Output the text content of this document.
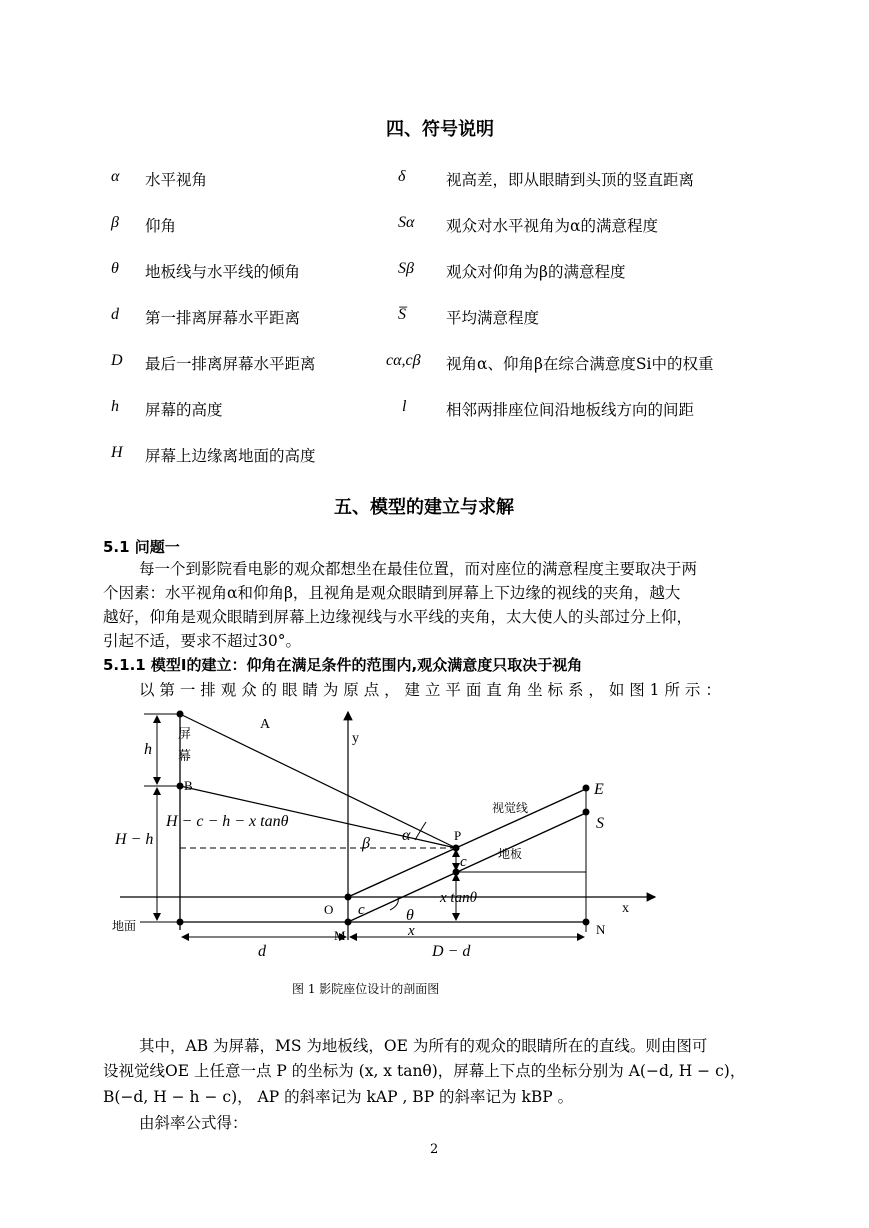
四、符号说明
α 水平视角
β 仰角
θ 地板线与水平线的倾角
d 第一排离屏幕水平距离
D 最后一排离屏幕水平距离
h 屏幕的高度
H 屏幕上边缘离地面的高度
δ	视高差，即从眼睛到头顶的竖直距离
Sα 观众对水平视角为α的满意程度
Sβ 观众对仰角为β的满意程度
S̅	平均满意程度
cα,cβ 视角α、仰角β在综合满意度Si中的权重
l	相邻两排座位间沿地板线方向的间距
五、模型的建立与求解
5.1 问题一
每一个到影院看电影的观众都想坐在最佳位置，而对座位的满意程度主要取决于两
个因素：水平视角α和仰角β，且视角是观众眼睛到屏幕上下边缘的视线的夹角，越大
越好，仰角是观众眼睛到屏幕上边缘视线与水平线的夹角，太大使人的头部过分上仰，
引起不适，要求不超过30°。
5.1.1 模型Ⅰ的建立：仰角在满足条件的范围内,观众满意度只取决于视角
以 第 一 排 观 众 的 眼 睛 为 原 点 ， 建 立 平 面 直 角 坐 标 系 ， 如 图 1 所 示 ：
A
B
屏
幕
h
H − h
H − c − h − x tanθ
y
x
O
M	N
P
E
S
α
β
c
c	θ
x tanθ
x
d	D − d
地面
视觉线
地板
图 1 影院座位设计的剖面图
其中，AB 为屏幕，MS 为地板线，OE 为所有的观众的眼睛所在的直线。则由图可
设视觉线OE 上任意一点 P 的坐标为 (x, x tanθ)，屏幕上下点的坐标分别为 A(−d, H − c)，
B(−d, H − h − c)， AP 的斜率记为 kAP , BP 的斜率记为 kBP 。
由斜率公式得：
2
